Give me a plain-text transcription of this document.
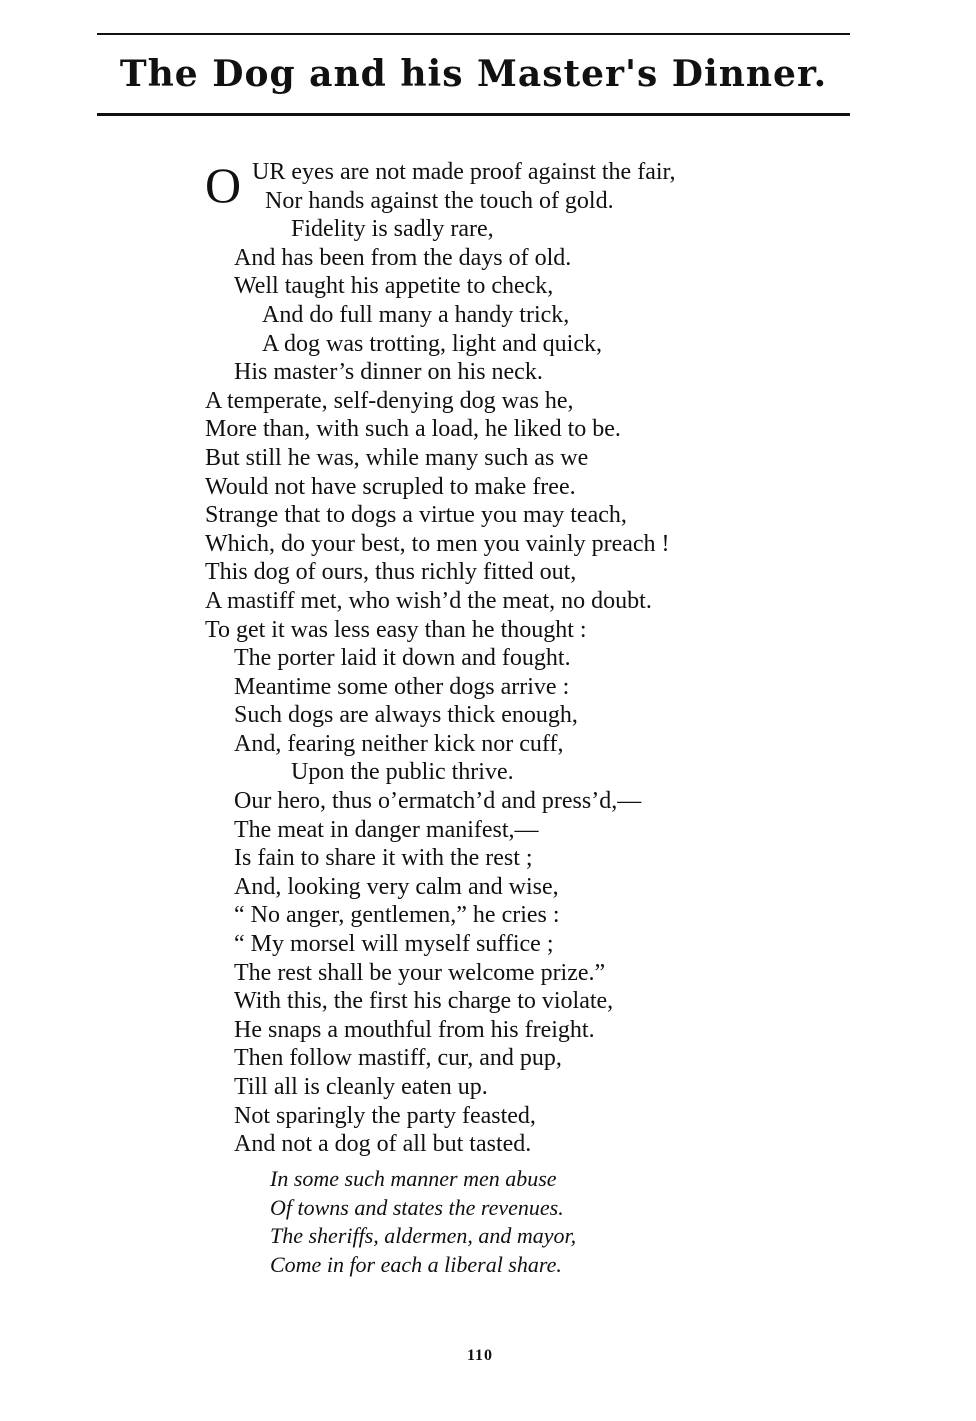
The Dog and his Master's Dinner.
O UR eyes are not made proof against the fair,
Nor hands against the touch of gold.
Fidelity is sadly rare,
And has been from the days of old.
Well taught his appetite to check,
And do full many a handy trick,
A dog was trotting, light and quick,
His master’s dinner on his neck.
A temperate, self-denying dog was he,
More than, with such a load, he liked to be.
But still he was, while many such as we
Would not have scrupled to make free.
Strange that to dogs a virtue you may teach,
Which, do your best, to men you vainly preach !
This dog of ours, thus richly fitted out,
A mastiff met, who wish’d the meat, no doubt.
To get it was less easy than he thought :
The porter laid it down and fought.
Meantime some other dogs arrive :
Such dogs are always thick enough,
And, fearing neither kick nor cuff,
Upon the public thrive.
Our hero, thus o’ermatch’d and press’d,—
The meat in danger manifest,—
Is fain to share it with the rest ;
And, looking very calm and wise,
“ No anger, gentlemen,” he cries :
“ My morsel will myself suffice ;
The rest shall be your welcome prize.”
With this, the first his charge to violate,
He snaps a mouthful from his freight.
Then follow mastiff, cur, and pup,
Till all is cleanly eaten up.
Not sparingly the party feasted,
And not a dog of all but tasted.
In some such manner men abuse
Of towns and states the revenues.
The sheriffs, aldermen, and mayor,
Come in for each a liberal share.
110
